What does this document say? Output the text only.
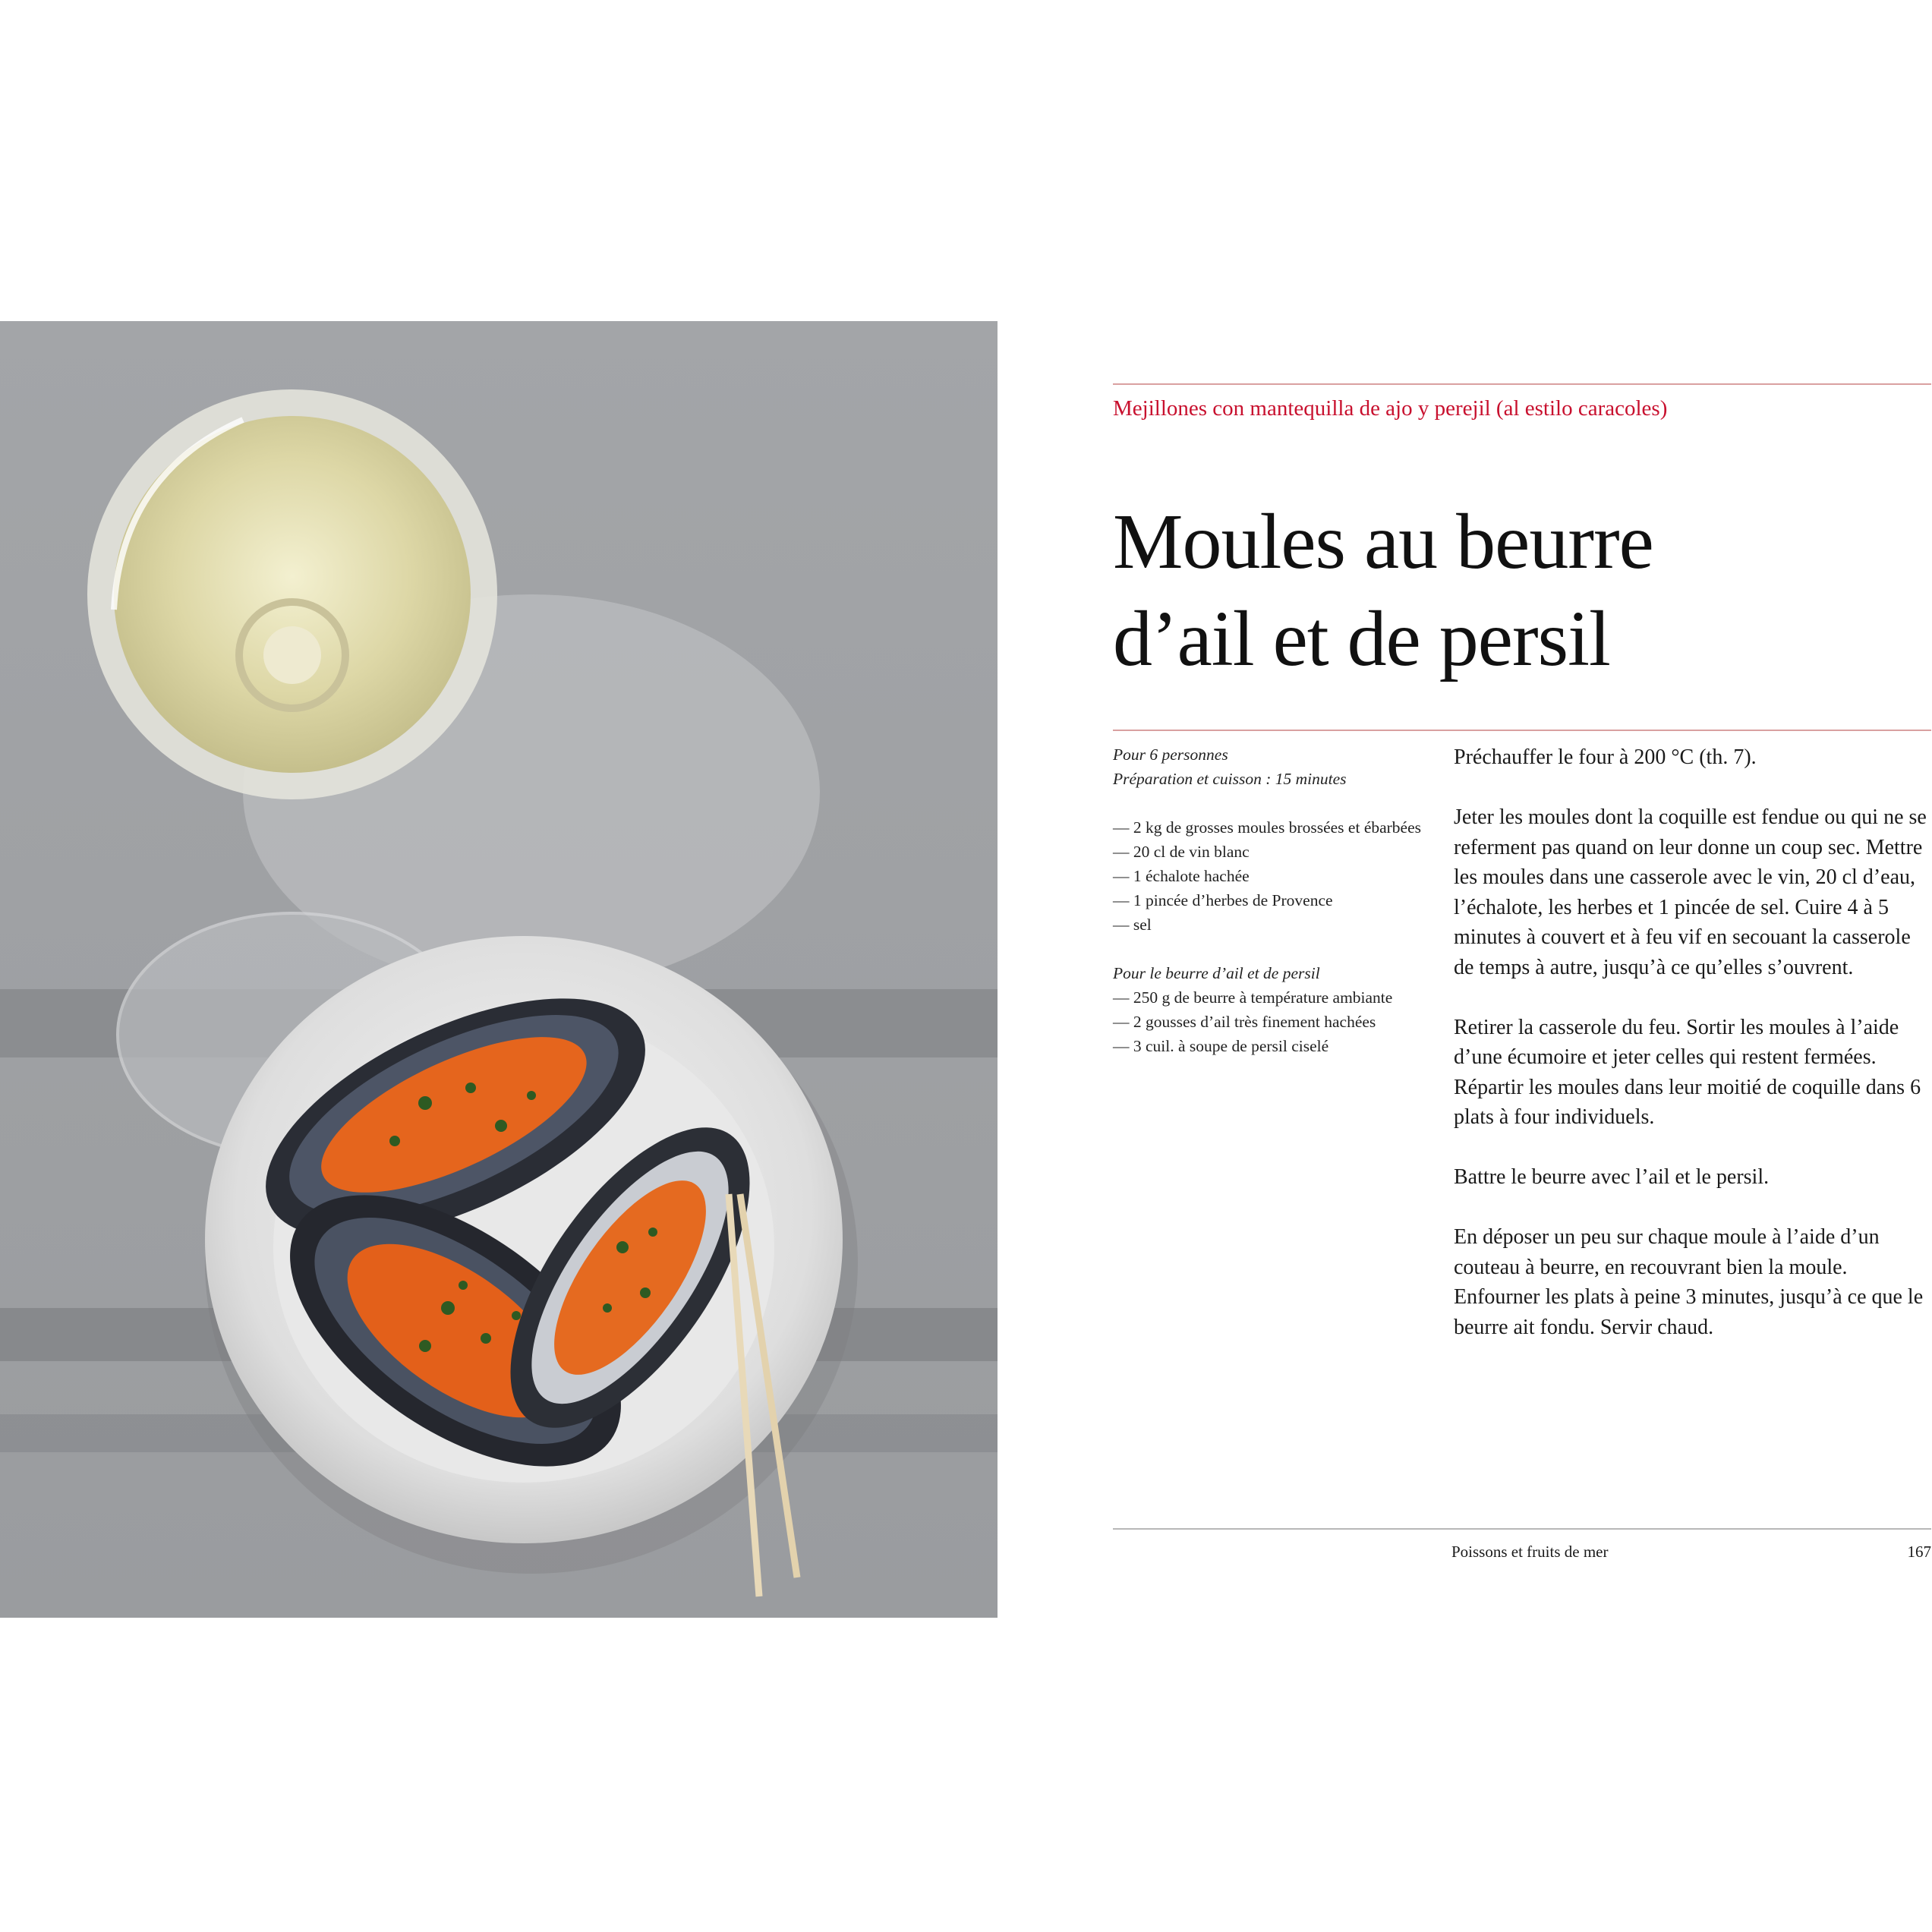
Mejillones con mantequilla de ajo y perejil (al estilo caracoles)
Moules au beurre
d’ail et de persil
Pour 6 personnes
Préparation et cuisson : 15 minutes
— 2 kg de grosses moules brossées et ébarbées
— 20 cl de vin blanc
— 1 échalote hachée
— 1 pincée d’herbes de Provence
— sel
Pour le beurre d’ail et de persil
— 250 g de beurre à température ambiante
— 2 gousses d’ail très finement hachées
— 3 cuil. à soupe de persil ciselé

Préchauffer le four à 200 °C (th. 7).

Jeter les moules dont la coquille est fendue ou qui ne se referment pas quand on leur donne un coup sec. Mettre les moules dans une casserole avec le vin, 20 cl d’eau, l’échalote, les herbes et 1 pincée de sel. Cuire 4 à 5 minutes à couvert et à feu vif en secouant la casserole de temps à autre, jusqu’à ce qu’elles s’ouvrent.

Retirer la casserole du feu. Sortir les moules à l’aide d’une écumoire et jeter celles qui restent fermées. Répartir les moules dans leur moitié de coquille dans 6 plats à four individuels.

Battre le beurre avec l’ail et le persil.

En déposer un peu sur chaque moule à l’aide d’un couteau à beurre, en recouvrant bien la moule. Enfourner les plats à peine 3 minutes, jusqu’à ce que le beurre ait fondu. Servir chaud.

Poissons et fruits de mer	167
